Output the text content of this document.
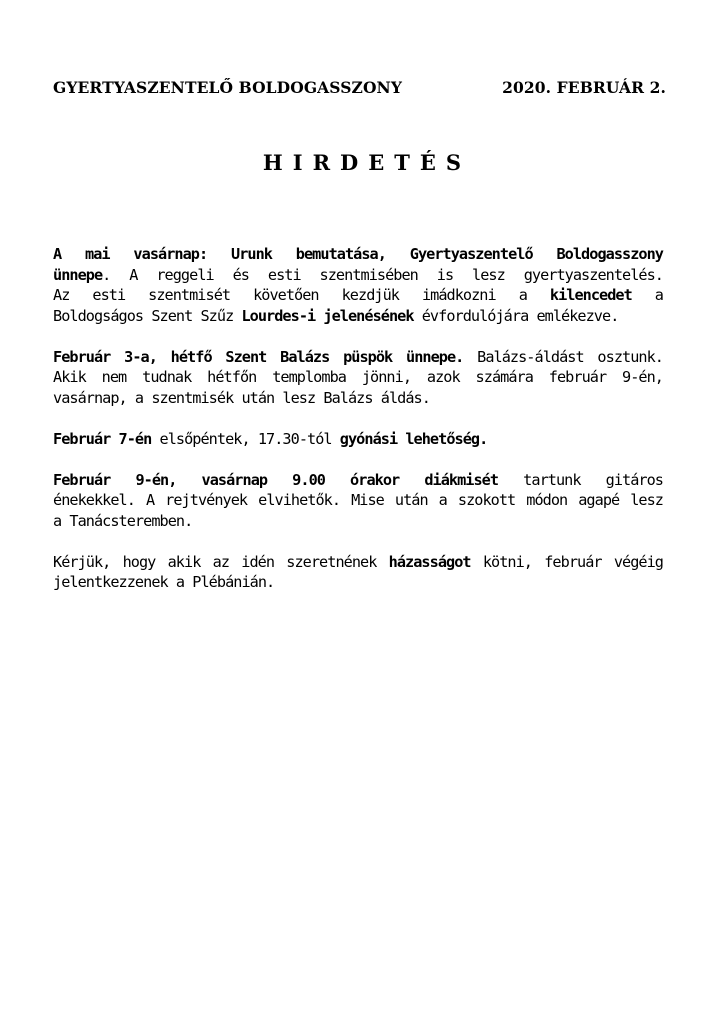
GYERTYASZENTELŐ BOLDOGASSZONY	2020. FEBRUÁR 2.
HIRDETÉS
A mai vasárnap: Urunk bemutatása, Gyertyaszentelő Boldogasszony
ünnepe. A reggeli és esti szentmisében is lesz gyertyaszentelés.
Az esti szentmisét követően kezdjük imádkozni a kilencedet a
Boldogságos Szent Szűz Lourdes-i jelenésének évfordulójára emlékezve.
Február 3-a, hétfő Szent Balázs püspök ünnepe. Balázs-áldást osztunk.
Akik nem tudnak hétfőn templomba jönni, azok számára február 9-én,
vasárnap, a szentmisék után lesz Balázs áldás.
Február 7-én elsőpéntek, 17.30-tól gyónási lehetőség.
Február 9-én, vasárnap 9.00 órakor diákmisét tartunk gitáros
énekekkel. A rejtvények elvihetők. Mise után a szokott módon agapé lesz
a Tanácsteremben.
Kérjük, hogy akik az idén szeretnének házasságot kötni, február végéig
jelentkezzenek a Plébánián.
